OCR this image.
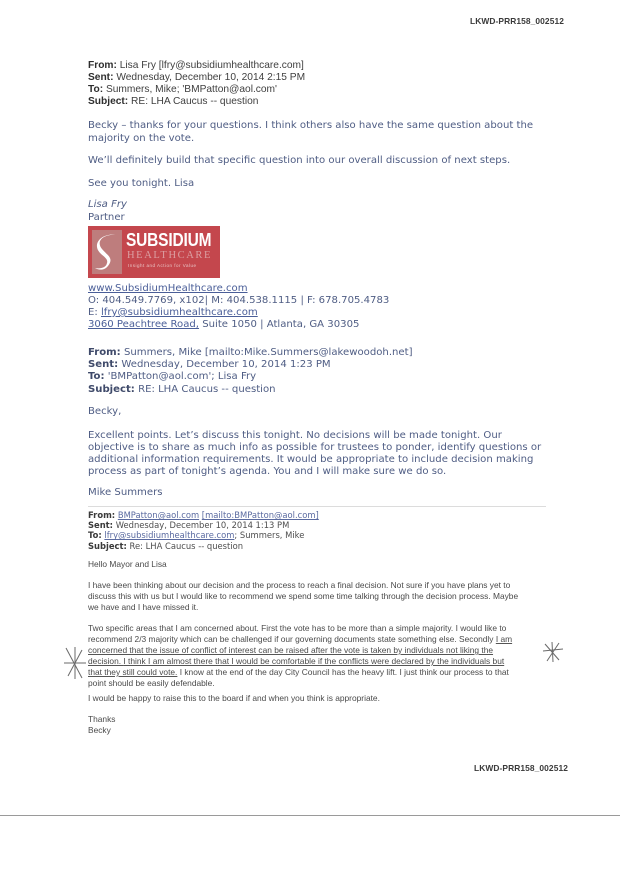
LKWD-PRR158_002512
From: Lisa Fry [lfry@subsidiumhealthcare.com]
Sent: Wednesday, December 10, 2014 2:15 PM
To: Summers, Mike; 'BMPatton@aol.com'
Subject: RE: LHA Caucus -- question

Becky – thanks for your questions. I think others also have the same question about the

majority on the vote.

We’ll definitely build that specific question into our overall discussion of next steps.

See you tonight. Lisa

Lisa Fry
Partner
SUBSIDIUM
HEALTHCARE
Insight and Action for Value
www.SubsidiumHealthcare.com
O: 404.549.7769, x102| M: 404.538.1115 | F: 678.705.4783
E: lfry@subsidiumhealthcare.com
3060 Peachtree Road, Suite 1050 | Atlanta, GA 30305
From: Summers, Mike [mailto:Mike.Summers@lakewoodoh.net]
Sent: Wednesday, December 10, 2014 1:23 PM
To: 'BMPatton@aol.com'; Lisa Fry
Subject: RE: LHA Caucus -- question

Becky,

Excellent points. Let’s discuss this tonight. No decisions will be made tonight. Our

objective is to share as much info as possible for trustees to ponder, identify questions or

additional information requirements. It would be appropriate to include decision making

process as part of tonight’s agenda. You and I will make sure we do so.

Mike Summers

From: BMPatton@aol.com [mailto:BMPatton@aol.com]
Sent: Wednesday, December 10, 2014 1:13 PM
To: lfry@subsidiumhealthcare.com; Summers, Mike
Subject: Re: LHA Caucus -- question
Hello Mayor and Lisa
I have been thinking about our decision and the process to reach a final decision. Not sure if you have plans yet to
discuss this with us but I would like to recommend we spend some time talking through the decision process. Maybe
we have and I have missed it.
Two specific areas that I am concerned about. First the vote has to be more than a simple majority. I would like to
recommend 2/3 majority which can be challenged if our governing documents state something else. Secondly I am
concerned that the issue of conflict of interest can be raised after the vote is taken by individuals not liking the
decision. I think I am almost there that I would be comfortable if the conflicts were declared by the individuals but
that they still could vote. I know at the end of the day City Council has the heavy lift. I just think our process to that
point should be easily defendable.
I would be happy to raise this to the board if and when you think is appropriate.
Thanks
Becky
LKWD-PRR158_002512
